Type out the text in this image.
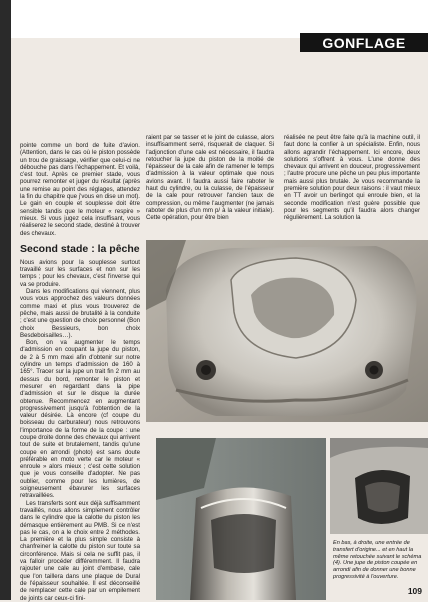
GONFLAGE

pointe comme un bord de fuite d'avion. (Attention, dans le cas où le piston possède un trou de graissage, vérifier que celui-ci ne débouche pas dans l'échappement. Et voilà, c'est tout. Après ce premier stade, vous pourrez remonter et juger du résultat (après une remise au point des réglages, attendez la fin du chapitre que j'vous en dise un mot). Le gain en couple et souplesse doit être sensible tandis que le moteur « respire » mieux. Si vous jugez cela insuffisant, vous réaliserez le second stade, destiné à trouver des chevaux.

Second stade : la pêche

Nous avions pour la souplesse surtout travaillé sur les surfaces et non sur les temps ; pour les chevaux, c'est l'inverse qui va se produire.

Dans les modifications qui viennent, plus vous vous approchez des valeurs données comme maxi et plus vous trouverez de pêche, mais aussi de brutalité à la conduite ; c'est une question de choix personnel (Bon choix Bessieurs, bon choix Besdeboisailles…).

Bon, on va augmenter le temps d'admission en coupant la jupe du piston, de 2 à 5 mm maxi afin d'obtenir sur notre cylindre un temps d'admission de 160 à 165°. Tracer sur la jupe un trait fin 2 mm au dessus du bord, remonter le piston et mesurer en regardant dans la pipe d'admission et sur le disque la durée obtenue. Recommencez en augmentant progressivement jusqu'à l'obtention de la valeur désirée. Là encore (cf coupe du boisseau du carburateur) nous retrouvons l'importance de la forme de la coupe : une coupe droite donne des chevaux qui arrivent tout de suite et brutalement, tandis qu'une coupe en arrondi (photo) est sans doute préférable en moto verte car le moteur « enroule » alors mieux ; c'est cette solution que je vous conseille d'adopter. Ne pas oublier, comme pour les lumières, de soigneusement ébavurer les surfaces retravaillées.

Les transferts sont eux déjà suffisamment travaillés, nous allons simplement contrôler dans le cylindre que la calotte du piston les démasque entièrement au PMB. Si ce n'est pas le cas, on a le choix entre 2 méthodes. La première et la plus simple consiste à chanfreiner la calotte du piston sur toute sa circonférence. Mais si cela ne suffit pas, il va falloir procéder différemment. Il faudra rajouter une cale au joint d'embase, cale que l'on taillera dans une plaque de Dural de l'épaisseur souhaitée. Il est déconseillé de remplacer cette cale par un empilement de joints car ceux-ci fini-

raient par se tasser et le joint de culasse, alors insuffisamment serré, risquerait de claquer. Si l'adjonction d'une cale est nécessaire, il faudra retoucher la jupe du piston de la moitié de l'épaisseur de la cale afin de ramener le temps d'admission à la valeur optimale que nous avions avant. Il faudra aussi faire raboter le haut du cylindre, ou la culasse, de l'épaisseur de la cale pour retrouver l'ancien taux de compression, ou même l'augmenter (ne jamais raboter de plus d'un mm p/ à la valeur initiale). Cette opération, pour être bien

réalisée ne peut être faite qu'à la machine outil, il faut donc la confier à un spécialiste. Enfin, nous allons agrandir l'échappement. Ici encore, deux solutions s'offrent à vous. L'une donne des chevaux qui arrivent en douceur, progressivement ; l'autre procure une pêche un peu plus importante mais aussi plus brutale. Je vous recommande la première solution pour deux raisons : il vaut mieux en TT avoir un berlingot qui enroule bien, et la seconde modification n'est guère possible que pour les segments qu'il faudra alors changer régulièrement. La solution la

En bas, à droite, une entrée de transfert d'origine... et en haut la même retouchée suivant le schéma (4). Une jupe de piston coupée en arrondi afin de donner une bonne progressivité à l'ouverture.
109
